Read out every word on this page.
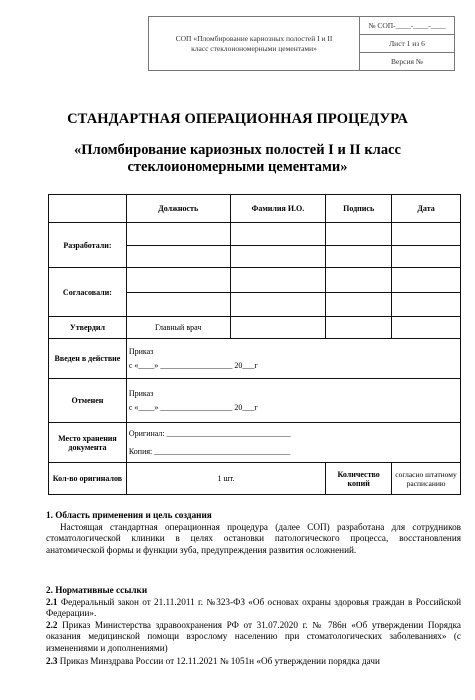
СОП «Пломбирование кариозных полостей I и II
класс стеклоиономерными цементами»	№ СОП-____-____-____
Лист 1 из 6
Версия №
СТАНДАРТНАЯ ОПЕРАЦИОННАЯ ПРОЦЕДУРА
«Пломбирование кариозных полостей I и II класс
стеклоиономерными цементами»
	Должность	Фамилия И.О.	Подпись	Дата
Разработали:	

Согласовали:	

Утвердил	Главный врач			
Введен в действие	Приказ
с «____» __________________ 20___г			
Отменен	Приказ
с «____» __________________ 20___г			
Место хранения документа	Оригинал: _______________________________
Копия: __________________________________			
Кол-во оригиналов	1 шт.		Количество копий	согласно штатному расписанию
1. Область применения и цель создания
Настоящая стандартная операционная процедура (далее СОП) разработана для сотрудников стоматологической клиники в целях остановки патологического процесса, восстановления анатомической формы и функции зуба, предупреждения развития осложнений.
2. Нормативные ссылки
2.1 Федеральный закон от 21.11.2011 г. №323-ФЗ «Об основах охраны здоровья граждан в Российской Федерации».
2.2 Приказ Министерства здравоохранения РФ от 31.07.2020 г. № 786н «Об утверждении Порядка оказания медицинской помощи взрослому населению при стоматологических заболеваниях» (с изменениями и дополнениями)
2.3 Приказ Минздрава России от 12.11.2021 № 1051н «Об утверждении порядка дачи
